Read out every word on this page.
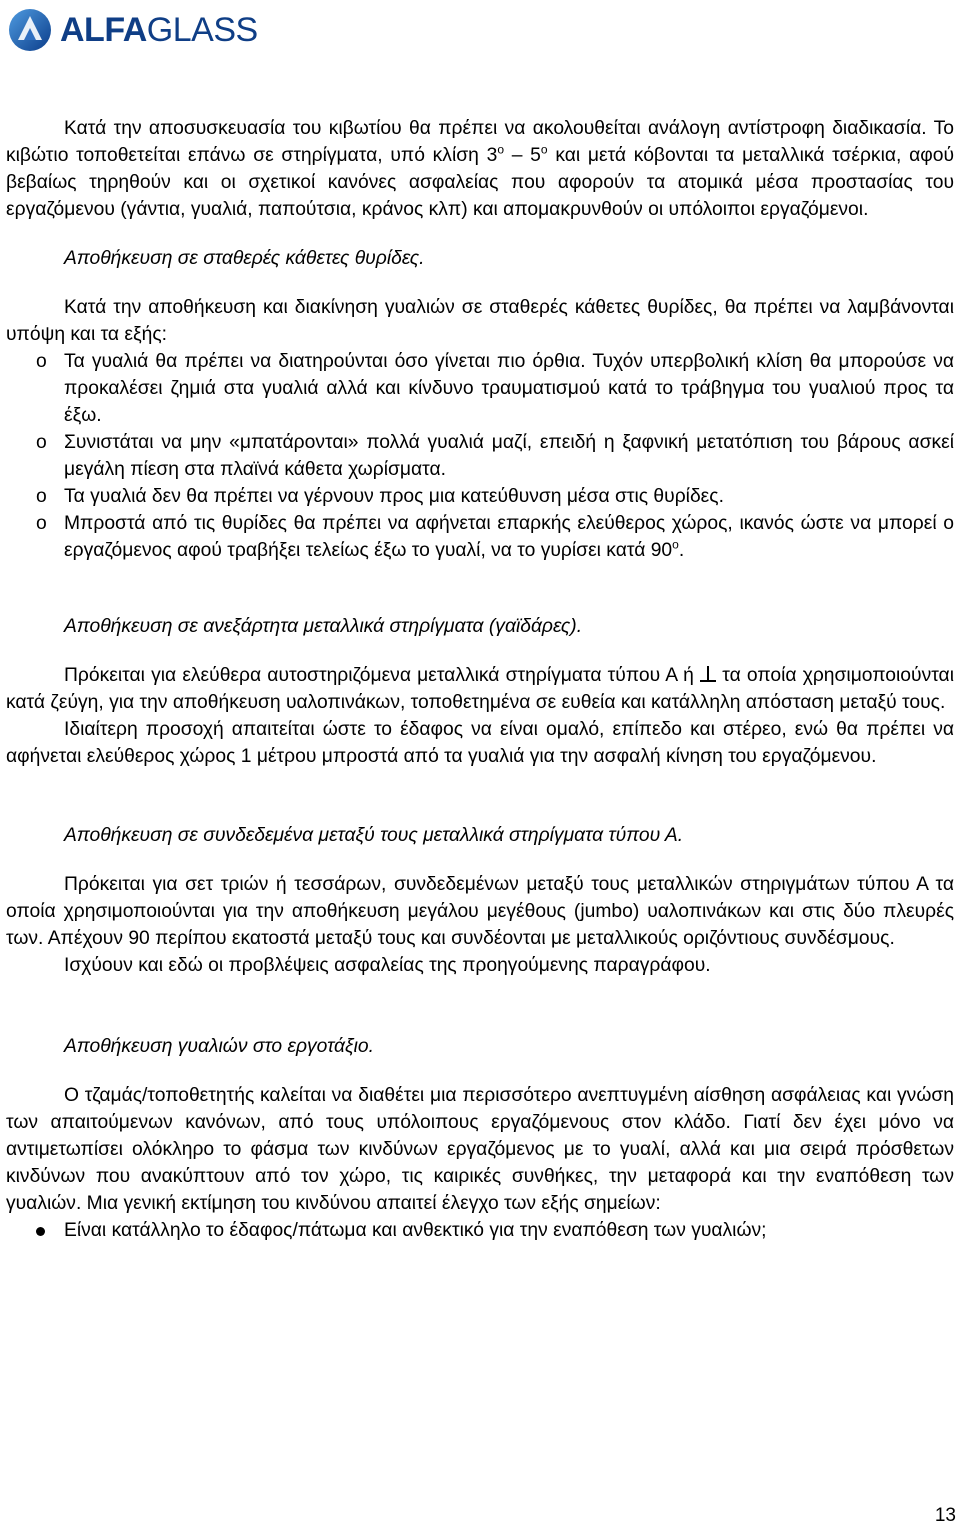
ALFAGLASS

Κατά την αποσυσκευασία του κιβωτίου θα πρέπει να ακολουθείται ανάλογη αντίστροφη διαδικασία. Το κιβώτιο τοποθετείται επάνω σε στηρίγματα, υπό κλίση $3^o - 5^o$ και μετά κόβονται τα μεταλλικά τσέρκια, αφού βεβαίως τηρηθούν και οι σχετικοί κανόνες ασφαλείας που αφορούν τα ατομικά μέσα προστασίας του εργαζόμενου (γάντια, γυαλιά, παπούτσια, κράνος κλπ) και απομακρυνθούν οι υπόλοιποι εργαζόμενοι.

Αποθήκευση σε σταθερές κάθετες θυρίδες.

Κατά την αποθήκευση και διακίνηση γυαλιών σε σταθερές κάθετες θυρίδες, θα πρέπει να λαμβάνονται υπόψη και τα εξής:

o Τα γυαλιά θα πρέπει να διατηρούνται όσο γίνεται πιο όρθια. Τυχόν υπερβολική κλίση θα μπορούσε να προκαλέσει ζημιά στα γυαλιά αλλά και κίνδυνο τραυματισμού κατά το τράβηγμα του γυαλιού προς τα έξω.
o Συνιστάται να μην «μπατάρονται» πολλά γυαλιά μαζί, επειδή η ξαφνική μετατόπιση του βάρους ασκεί μεγάλη πίεση στα πλαϊνά κάθετα χωρίσματα.
o Τα γυαλιά δεν θα πρέπει να γέρνουν προς μια κατεύθυνση μέσα στις θυρίδες.
o Μπροστά από τις θυρίδες θα πρέπει να αφήνεται επαρκής ελεύθερος χώρος, ικανός ώστε να μπορεί ο εργαζόμενος αφού τραβήξει τελείως έξω το γυαλί, να το γυρίσει κατά $90^o$.

Αποθήκευση σε ανεξάρτητα μεταλλικά στηρίγματα (γαϊδάρες).

Πρόκειται για ελεύθερα αυτοστηριζόμενα μεταλλικά στηρίγματα τύπου Α ή  τα οποία χρησιμοποιούνται κατά ζεύγη, για την αποθήκευση υαλοπινάκων, τοποθετημένα σε ευθεία και κατάλληλη απόσταση μεταξύ τους.

Ιδιαίτερη προσοχή απαιτείται ώστε το έδαφος να είναι ομαλό, επίπεδο και στέρεο, ενώ θα πρέπει να αφήνεται ελεύθερος χώρος 1 μέτρου μπροστά από τα γυαλιά για την ασφαλή κίνηση του εργαζόμενου.

Αποθήκευση σε συνδεδεμένα μεταξύ τους μεταλλικά στηρίγματα τύπου Α.

Πρόκειται για σετ τριών ή τεσσάρων, συνδεδεμένων μεταξύ τους μεταλλικών στηριγμάτων τύπου Α τα οποία χρησιμοποιούνται για την αποθήκευση μεγάλου μεγέθους (jumbo) υαλοπινάκων και στις δύο πλευρές των. Απέχουν 90 περίπου εκατοστά μεταξύ τους και συνδέονται με μεταλλικούς οριζόντιους συνδέσμους.

Ισχύουν και εδώ οι προβλέψεις ασφαλείας της προηγούμενης παραγράφου.

Αποθήκευση γυαλιών στο εργοτάξιο.

Ο τζαμάς/τοποθετητής καλείται να διαθέτει μια περισσότερο ανεπτυγμένη αίσθηση ασφάλειας και γνώση των απαιτούμενων κανόνων, από τους υπόλοιπους εργαζόμενους στον κλάδο. Γιατί δεν έχει μόνο να αντιμετωπίσει ολόκληρο το φάσμα των κινδύνων εργαζόμενος με το γυαλί, αλλά και μια σειρά πρόσθετων κινδύνων που ανακύπτουν από τον χώρο, τις καιρικές συνθήκες, την μεταφορά και την εναπόθεση των γυαλιών. Μια γενική εκτίμηση του κινδύνου απαιτεί έλεγχο των εξής σημείων:

Είναι κατάλληλο το έδαφος/πάτωμα και ανθεκτικό για την εναπόθεση των γυαλιών;
13
